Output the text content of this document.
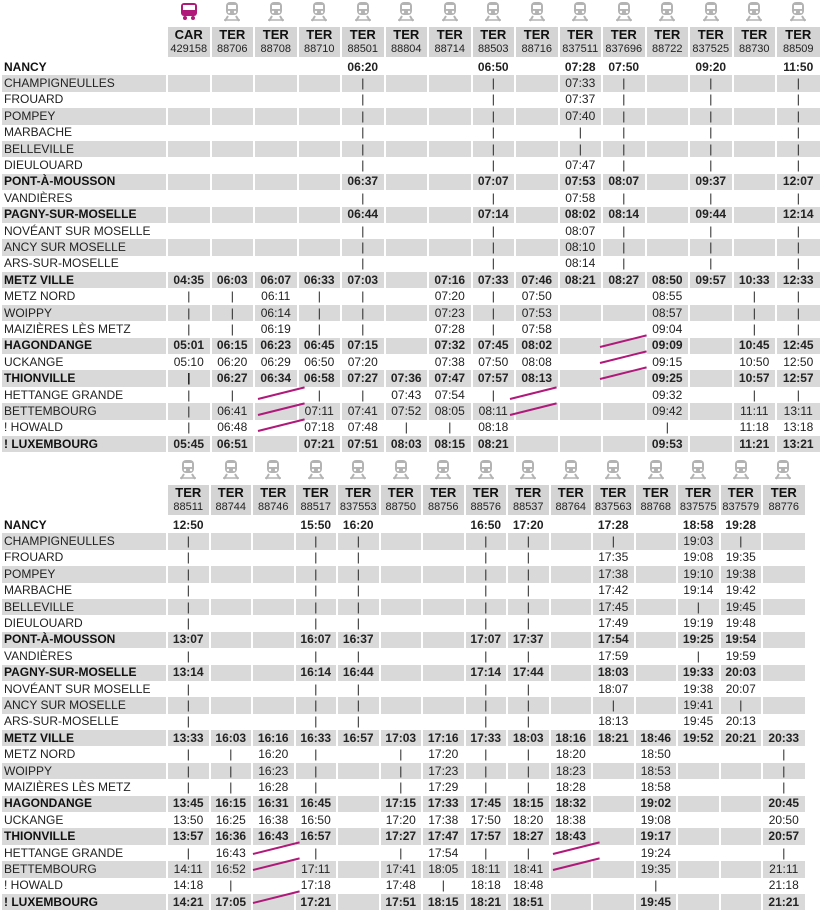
	CAR	TER	TER	TER	TER	TER	TER	TER	TER	TER	TER	TER	TER	TER	TER
	429158	88706	88708	88710	88501	88804	88714	88503	88716	837511	837696	88722	837525	88730	88509
NANCY					06:20			06:50		07:28	07:50		09:20		11:50
CHAMPIGNEULLES					|			|		07:33	|		|		|
FROUARD					|			|		07:37	|		|		|
POMPEY					|			|		07:40	|		|		|
MARBACHE					|			|		|	|		|		|
BELLEVILLE					|			|		|	|		|		|
DIEULOUARD					|			|		07:47	|		|		|
PONT-À-MOUSSON					06:37			07:07		07:53	08:07		09:37		12:07
VANDIÈRES					|			|		07:58	|		|		|
PAGNY-SUR-MOSELLE					06:44			07:14		08:02	08:14		09:44		12:14
NOVÉANT SUR MOSELLE					|			|		08:07	|		|		|
ANCY SUR MOSELLE					|			|		08:10	|		|		|
ARS-SUR-MOSELLE					|			|		08:14	|		|		|
METZ VILLE	04:35	06:03	06:07	06:33	07:03		07:16	07:33	07:46	08:21	08:27	08:50	09:57	10:33	12:33
METZ NORD	|	|	06:11	|	|		07:20	|	07:50			08:55		|	|
WOIPPY	|	|	06:14	|	|		07:23	|	07:53			08:57		|	|
MAIZIÈRES LÈS METZ	|	|	06:19	|	|		07:28	|	07:58			09:04		|	|
HAGONDANGE	05:01	06:15	06:23	06:45	07:15		07:32	07:45	08:02			09:09		10:45	12:45
UCKANGE	05:10	06:20	06:29	06:50	07:20		07:38	07:50	08:08			09:15		10:50	12:50
THIONVILLE	|	06:27	06:34	06:58	07:27	07:36	07:47	07:57	08:13			09:25		10:57	12:57
HETTANGE GRANDE	|	|		|	|	07:43	07:54	|				09:32		|	|
BETTEMBOURG	|	06:41		07:11	07:41	07:52	08:05	08:11				09:42		11:11	13:11
! HOWALD	|	06:48		07:18	07:48	|	|	08:18				|		11:18	13:18
! LUXEMBOURG	05:45	06:51		07:21	07:51	08:03	08:15	08:21				09:53		11:21	13:21

	TER	TER	TER	TER	TER	TER	TER	TER	TER	TER	TER	TER	TER	TER	TER
	88511	88744	88746	88517	837553	88750	88756	88576	88537	88764	837563	88768	837575	837579	88776
NANCY	12:50			15:50	16:20			16:50	17:20		17:28		18:58	19:28	
CHAMPIGNEULLES	|			|	|			|	|		|		19:03	|	
FROUARD	|			|	|			|	|		17:35		19:08	19:35	
POMPEY	|			|	|			|	|		17:38		19:10	19:38	
MARBACHE	|			|	|			|	|		17:42		19:14	19:42	
BELLEVILLE	|			|	|			|	|		17:45		|	19:45	
DIEULOUARD	|			|	|			|	|		17:49		19:19	19:48	
PONT-À-MOUSSON	13:07			16:07	16:37			17:07	17:37		17:54		19:25	19:54	
VANDIÈRES	|			|	|			|	|		17:59		|	19:59	
PAGNY-SUR-MOSELLE	13:14			16:14	16:44			17:14	17:44		18:03		19:33	20:03	
NOVÉANT SUR MOSELLE	|			|	|			|	|		18:07		19:38	20:07	
ANCY SUR MOSELLE	|			|	|			|	|		|		19:41	|	
ARS-SUR-MOSELLE	|			|	|			|	|		18:13		19:45	20:13	
METZ VILLE	13:33	16:03	16:16	16:33	16:57	17:03	17:16	17:33	18:03	18:16	18:21	18:46	19:52	20:21	20:33
METZ NORD	|	|	16:20	|		|	17:20	|	|	18:20		18:50			|
WOIPPY	|	|	16:23	|		|	17:23	|	|	18:23		18:53			|
MAIZIÈRES LÈS METZ	|	|	16:28	|		|	17:29	|	|	18:28		18:58			|
HAGONDANGE	13:45	16:15	16:31	16:45		17:15	17:33	17:45	18:15	18:32		19:02			20:45
UCKANGE	13:50	16:25	16:38	16:50		17:20	17:38	17:50	18:20	18:38		19:08			20:50
THIONVILLE	13:57	16:36	16:43	16:57		17:27	17:47	17:57	18:27	18:43		19:17			20:57
HETTANGE GRANDE	|	16:43		|		|	17:54	|	|			19:24			|
BETTEMBOURG	14:11	16:52		17:11		17:41	18:05	18:11	18:41			19:35			21:11
! HOWALD	14:18	|		17:18		17:48	|	18:18	18:48			|			21:18
! LUXEMBOURG	14:21	17:05		17:21		17:51	18:15	18:21	18:51			19:45			21:21
